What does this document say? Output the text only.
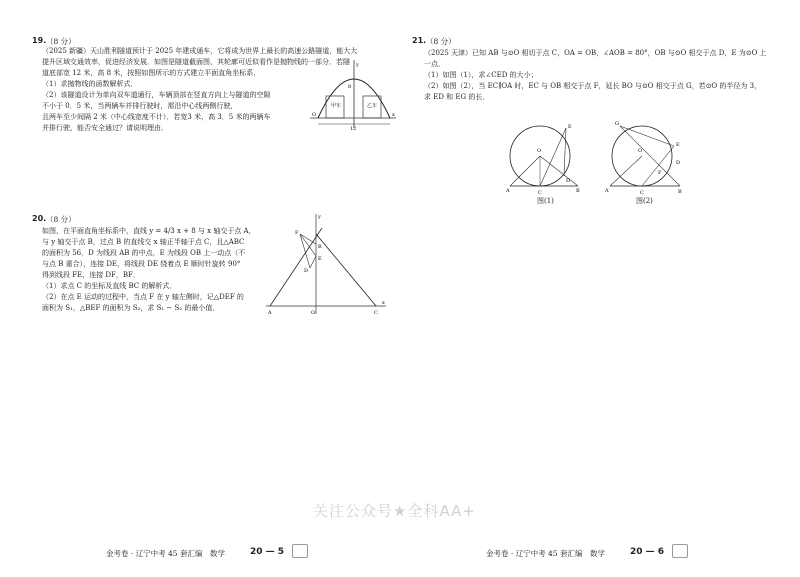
19. （8 分）
（2025 新疆）天山胜利隧道预计于 2025 年建成通车，它将成为世界上最长的高速公路隧道，能大大
提升区域交通效率，促进经济发展．如图是隧道截面图，其轮廓可近似看作是抛物线的一部分．若隧
道底部宽 12 米，高 8 米，按照如图所示的方式建立平面直角坐标系．
（1）求抛物线的函数解析式．
（2）该隧道设计为单向双车道通行，车辆顶部在竖直方向上与隧道的空隙
不小于 0．5 米，当两辆车并排行驶时，需沿中心线两侧行驶，
且两车至少间隔 2 米（中心线宽度不计）．若宽3 米，高 3．5 米的两辆车
并排行驶，能否安全通过？请说明理由．
甲车	乙车
8
12
y
x
O
20. （8 分）
如图，在平面直角坐标系中，直线 y = 4/3 x + 8 与 x 轴交于点 A，
与 y 轴交于点 B，过点 B 的直线交 x 轴正半轴于点 C，且△ABC
的面积为 56．D 为线段 AB 的中点，E 为线段 OB 上一动点（不
与点 B 重合），连接 DE，将线段 DE 绕着点 E 顺时针旋转 90°
得到线段 FE，连接 DF，BF．
（1）求点 C 的坐标及直线 BC 的解析式．
（2）在点 E 运动的过程中，当点 F 在 y 轴左侧时，记△DEF 的
面积为 S₁，△BEF 的面积为 S₂，求 S₁ − S₂ 的最小值．
y
x
A
B
C
D
E
F
O
21. （8 分）
（2025 天津）已知 AB 与⊙O 相切于点 C，OA = OB，∠AOB = 80°，OB 与⊙O 相交于点 D，E 为⊙O 上
一点．
（1）如图（1），求∠CED 的大小；
（2）如图（2），当 EC∥OA 时，EC 与 OB 相交于点 F，延长 BO 与⊙O 相交于点 G，若⊙O 的半径为 3，
求 ED 和 EG 的长．
O
A	B
C
D
E
图(1)
O
A	B
C
D
E
F
G
图(2)
关注公众号★全科AA+
金考卷 · 辽宁中考 45 套汇编　数学	20 — 5	金考卷 · 辽宁中考 45 套汇编　数学	20 — 6
